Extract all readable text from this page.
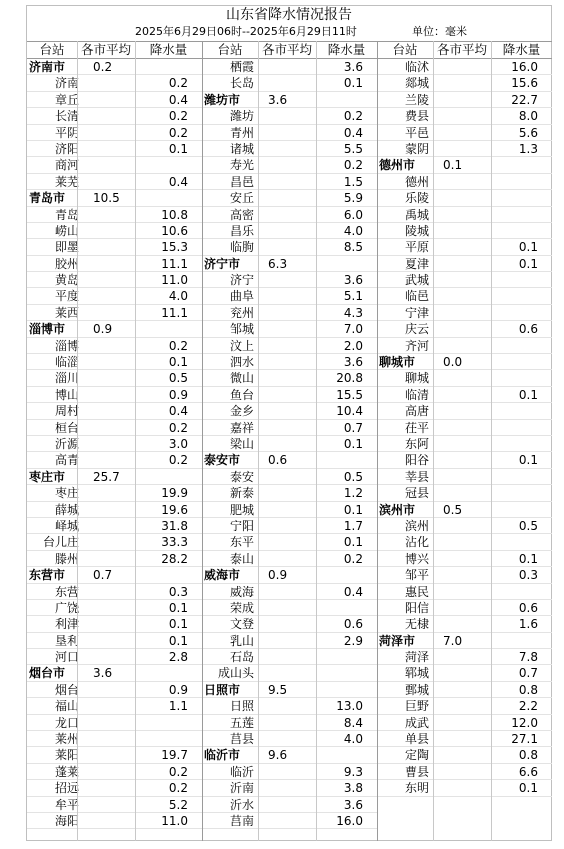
山东省降水情况报告
2025年6月29日06时--2025年6月29日11时	单位：毫米
台站	各市平均	降水量
济南市 0.2
济南	0.2
章丘	0.4
长清	0.2
平阴	0.2
济阳	0.1
商河
莱芜	0.4
青岛市 10.5
青岛	10.8
崂山	10.6
即墨	15.3
胶州	11.1
黄岛	11.0
平度	4.0
莱西	11.1
淄博市 0.9
淄博	0.2
临淄	0.1
淄川	0.5
博山	0.9
周村	0.4
桓台	0.2
沂源	3.0
高青	0.2
枣庄市 25.7
枣庄	19.9
薛城	19.6
峄城	31.8
台儿庄	33.3
滕州	28.2
东营市 0.7
东营	0.3
广饶	0.1
利津	0.1
垦利	0.1
河口	2.8
烟台市 3.6
烟台	0.9
福山	1.1
龙口
莱州
莱阳	19.7
蓬莱	0.2
招远	0.2
牟平	5.2
海阳	11.0
台站	各市平均	降水量
栖霞	3.6
长岛	0.1
潍坊市 3.6
潍坊	0.2
青州	0.4
诸城	5.5
寿光	0.2
昌邑	1.5
安丘	5.9
高密	6.0
昌乐	4.0
临朐	8.5
济宁市 6.3
济宁	3.6
曲阜	5.1
兖州	4.3
邹城	7.0
汶上	2.0
泗水	3.6
微山	20.8
鱼台	15.5
金乡	10.4
嘉祥	0.7
梁山	0.1
泰安市 0.6
泰安	0.5
新泰	1.2
肥城	0.1
宁阳	1.7
东平	0.1
泰山	0.2
威海市 0.9
威海	0.4
荣成
文登	0.6
乳山	2.9
石岛
成山头
日照市 9.5
日照	13.0
五莲	8.4
莒县	4.0
临沂市 9.6
临沂	9.3
沂南	3.8
沂水	3.6
莒南	16.0
台站	各市平均	降水量
临沭	16.0
郯城	15.6
兰陵	22.7
费县	8.0
平邑	5.6
蒙阴	1.3
德州市 0.1
德州
乐陵
禹城
陵城
平原	0.1
夏津	0.1
武城
临邑
宁津
庆云	0.6
齐河
聊城市 0.0
聊城
临清	0.1
高唐
茌平
东阿
阳谷	0.1
莘县
冠县
滨州市 0.5
滨州	0.5
沾化
博兴	0.1
邹平	0.3
惠民
阳信	0.6
无棣	1.6
菏泽市 7.0
菏泽	7.8
郓城	0.7
鄄城	0.8
巨野	2.2
成武	12.0
单县	27.1
定陶	0.8
曹县	6.6
东明	0.1
